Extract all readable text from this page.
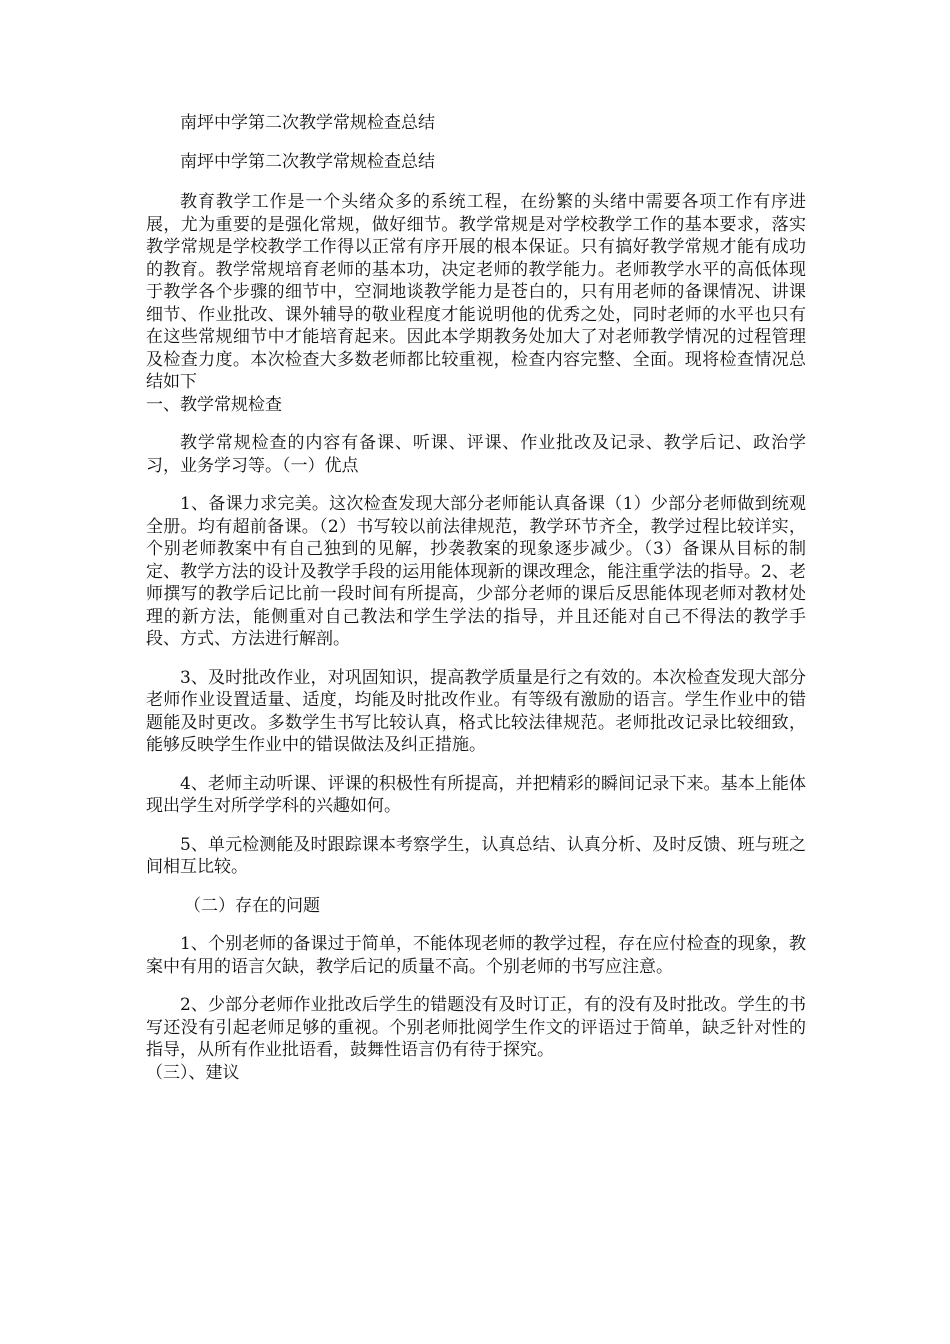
南坪中学第二次教学常规检查总结

南坪中学第二次教学常规检查总结

教育教学工作是一个头绪众多的系统工程，在纷繁的头绪中需要各项工作有序进展，尤为重要的是强化常规，做好细节。教学常规是对学校教学工作的基本要求，落实教学常规是学校教学工作得以正常有序开展的根本保证。只有搞好教学常规才能有成功的教育。教学常规培育老师的基本功，决定老师的教学能力。老师教学水平的高低体现于教学各个步骤的细节中，空洞地谈教学能力是苍白的，只有用老师的备课情况、讲课细节、作业批改、课外辅导的敬业程度才能说明他的优秀之处，同时老师的水平也只有在这些常规细节中才能培育起来。因此本学期教务处加大了对老师教学情况的过程管理及检查力度。本次检查大多数老师都比较重视，检查内容完整、全面。现将检查情况总结如下

一、教学常规检查

教学常规检查的内容有备课、听课、评课、作业批改及记录、教学后记、政治学习，业务学习等。（一）优点

1、备课力求完美。这次检查发现大部分老师能认真备课（1）少部分老师做到统观全册。均有超前备课。（2）书写较以前法律规范，教学环节齐全，教学过程比较详实，个别老师教案中有自己独到的见解，抄袭教案的现象逐步减少。（3）备课从目标的制定、教学方法的设计及教学手段的运用能体现新的课改理念，能注重学法的指导。2、老师撰写的教学后记比前一段时间有所提高，少部分老师的课后反思能体现老师对教材处理的新方法，能侧重对自己教法和学生学法的指导，并且还能对自己不得法的教学手段、方式、方法进行解剖。

3、及时批改作业，对巩固知识，提高教学质量是行之有效的。本次检查发现大部分老师作业设置适量、适度，均能及时批改作业。有等级有激励的语言。学生作业中的错题能及时更改。多数学生书写比较认真，格式比较法律规范。老师批改记录比较细致，能够反映学生作业中的错误做法及纠正措施。

4、老师主动听课、评课的积极性有所提高，并把精彩的瞬间记录下来。基本上能体现出学生对所学学科的兴趣如何。

5、单元检测能及时跟踪课本考察学生，认真总结、认真分析、及时反馈、班与班之间相互比较。

（二）存在的问题

1、个别老师的备课过于简单，不能体现老师的教学过程，存在应付检查的现象，教案中有用的语言欠缺，教学后记的质量不高。个别老师的书写应注意。

2、少部分老师作业批改后学生的错题没有及时订正，有的没有及时批改。学生的书写还没有引起老师足够的重视。个别老师批阅学生作文的评语过于简单，缺乏针对性的指导，从所有作业批语看，鼓舞性语言仍有待于探究。

（三）、建议
